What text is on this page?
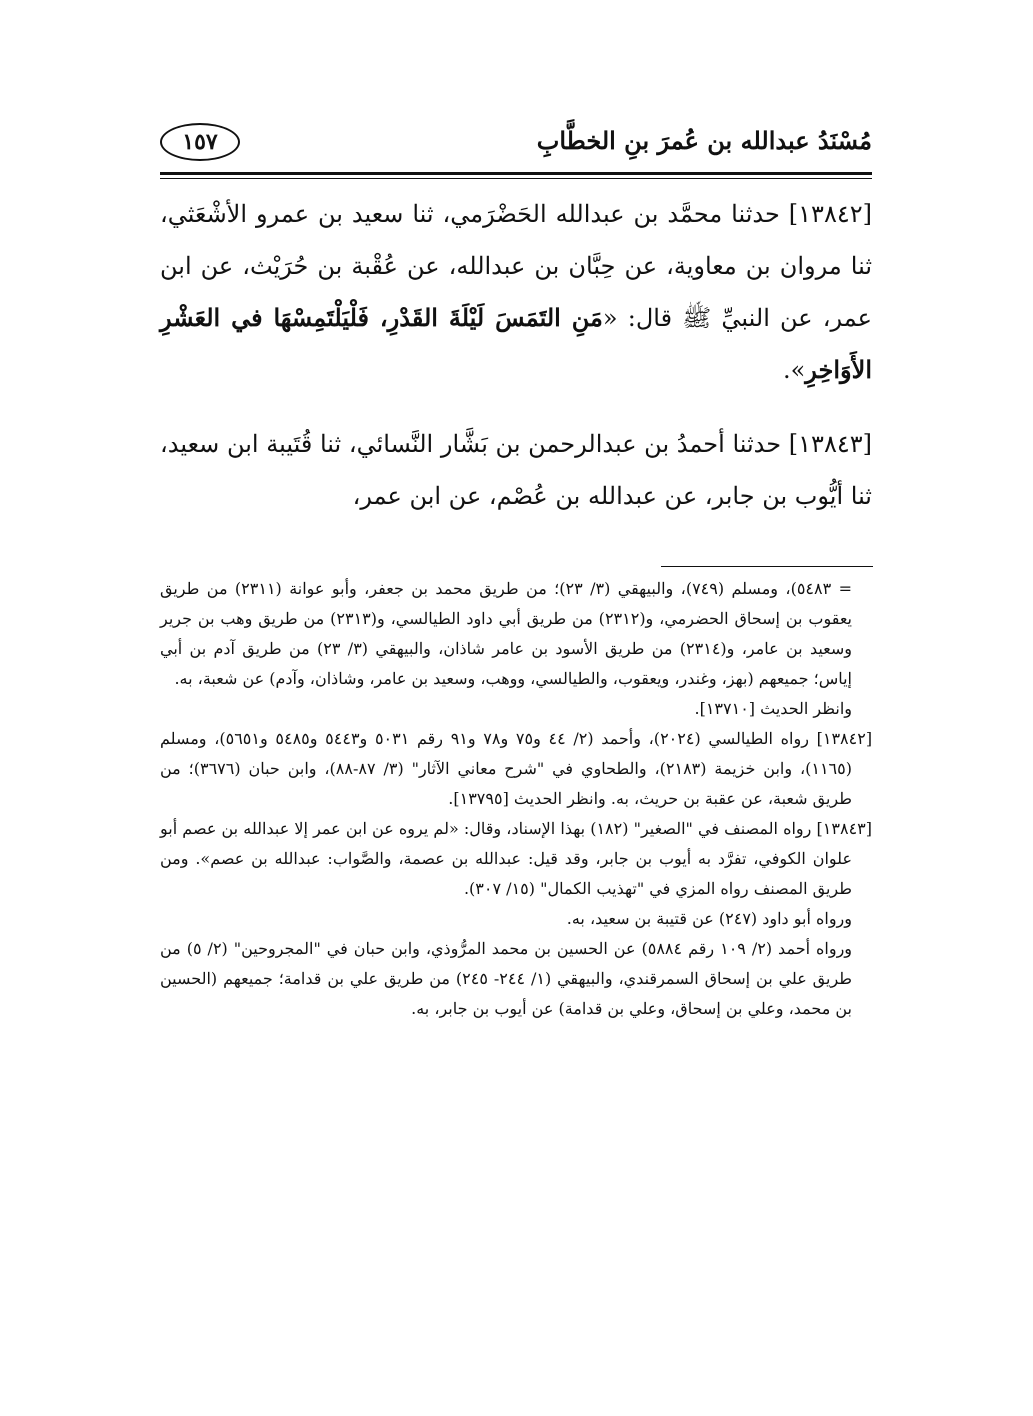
مُسْنَدُ عبدالله بن عُمرَ بنِ الخطَّابِ
١٥٧

[١٣٨٤٢] حدثنا محمَّد بن عبدالله الحَضْرَمي، ثنا سعيد بن عمرو الأشْعَثي، ثنا مروان بن معاوية، عن حِبَّان بن عبدالله، عن عُقْبة بن حُرَيْث، عن ابن عمر، عن النبيِّ ﷺ قال: «مَنِ التَمَسَ لَيْلَةَ القَدْرِ، فَلْيَلْتَمِسْهَا في العَشْرِ الأَوَاخِرِ».

[١٣٨٤٣] حدثنا أحمدُ بن عبدالرحمن بن بَشَّار النَّسائي، ثنا قُتَيبة ابن سعيد، ثنا أيُّوب بن جابر، عن عبدالله بن عُصْم، عن ابن عمر،

= ٥٤٨٣)، ومسلم (٧٤٩)، والبيهقي (٣/ ٢٣)؛ من طريق محمد بن جعفر، وأبو عوانة (٢٣١١) من طريق يعقوب بن إسحاق الحضرمي، و(٢٣١٢) من طريق أبي داود الطيالسي، و(٢٣١٣) من طريق وهب بن جرير وسعيد بن عامر، و(٢٣١٤) من طريق الأسود بن عامر شاذان، والبيهقي (٣/ ٢٣) من طريق آدم بن أبي إياس؛ جميعهم (بهز، وغندر، ويعقوب، والطيالسي، ووهب، وسعيد بن عامر، وشاذان، وآدم) عن شعبة، به.

وانظر الحديث [١٣٧١٠].

[١٣٨٤٢] رواه الطيالسي (٢٠٢٤)، وأحمد (٢/ ٤٤ و٧٥ و٧٨ و٩١ رقم ٥٠٣١ و٥٤٤٣ و٥٤٨٥ و٥٦٥١)، ومسلم (١١٦٥)، وابن خزيمة (٢١٨٣)، والطحاوي في "شرح معاني الآثار" (٣/ ٨٧-٨٨)، وابن حبان (٣٦٧٦)؛ من طريق شعبة، عن عقبة بن حريث، به. وانظر الحديث [١٣٧٩٥].

[١٣٨٤٣] رواه المصنف في "الصغير" (١٨٢) بهذا الإسناد، وقال: «لم يروه عن ابن عمر إلا عبدالله بن عصم أبو علوان الكوفي، تفرَّد به أيوب بن جابر، وقد قيل: عبدالله بن عصمة، والصَّواب: عبدالله بن عصم». ومن طريق المصنف رواه المزي في "تهذيب الكمال" (١٥/ ٣٠٧).

ورواه أبو داود (٢٤٧) عن قتيبة بن سعيد، به.

ورواه أحمد (٢/ ١٠٩ رقم ٥٨٨٤) عن الحسين بن محمد المرُّوذي، وابن حبان في "المجروحين" (٢/ ٥) من طريق علي بن إسحاق السمرقندي، والبيهقي (١/ ٢٤٤- ٢٤٥) من طريق علي بن قدامة؛ جميعهم (الحسين بن محمد، وعلي بن إسحاق، وعلي بن قدامة) عن أيوب بن جابر، به.
